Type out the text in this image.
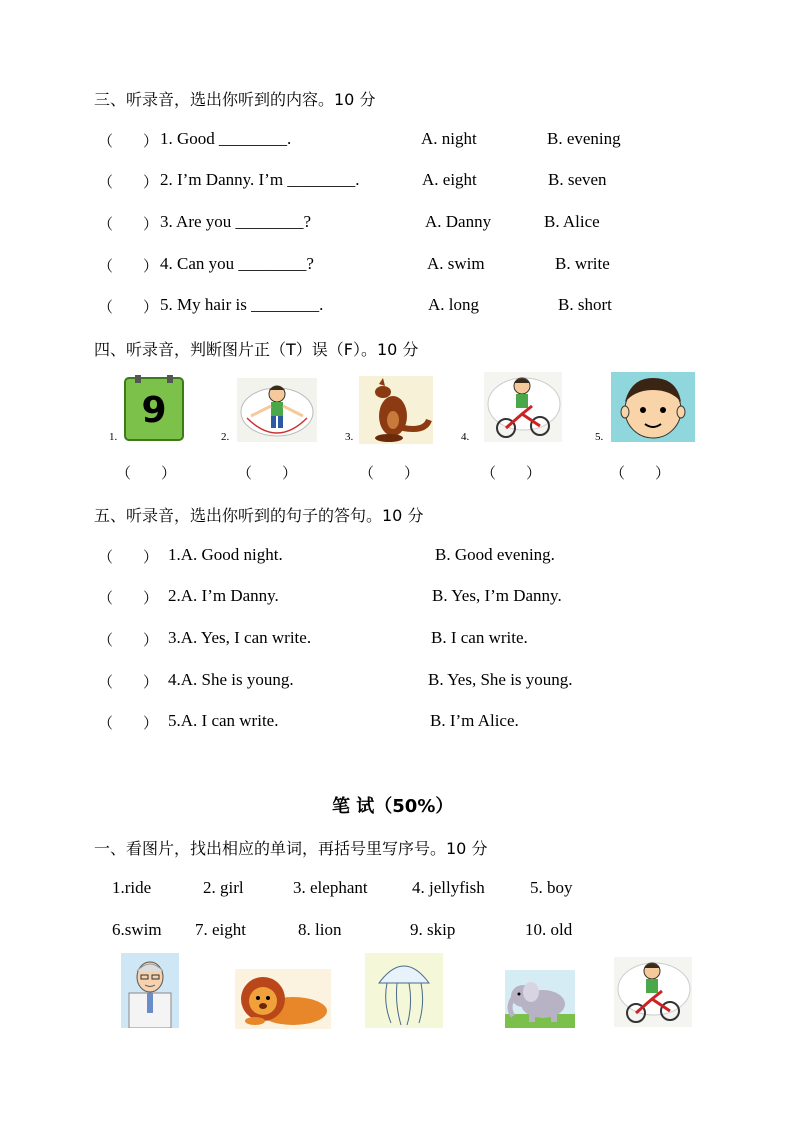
三、听录音，选出你听到的内容。10 分
（　　） 1. Good ________.	A. night	B. evening
（　　） 2. I’m Danny. I’m ________.	A. eight	B. seven
（　　） 3. Are you ________?	A. Danny	B. Alice
（　　） 4. Can you ________?	A. swim	B. write
（　　） 5. My hair is ________.	A. long	B. short
四、听录音，判断图片正（T）误（F）。10 分
1.
9
2.	3.	4.	5.
（　　）	（　　）	（　　）	（　　）	（　　）
五、听录音，选出你听到的句子的答句。10 分
（　　） 1.A. Good night.	B. Good evening.
（　　） 2.A. I’m Danny.	B. Yes, I’m Danny.
（　　） 3.A. Yes, I can write.	B. I can write.
（　　） 4.A. She is young.	B. Yes, She is young.
（　　） 5.A. I can write.	B. I’m Alice.
笔 试（50%）
一、看图片，找出相应的单词，再括号里写序号。10 分
1.ride	2. girl	3. elephant	4. jellyfish	5. boy
6.swim 7. eight	8. lion	9. skip	10. old
